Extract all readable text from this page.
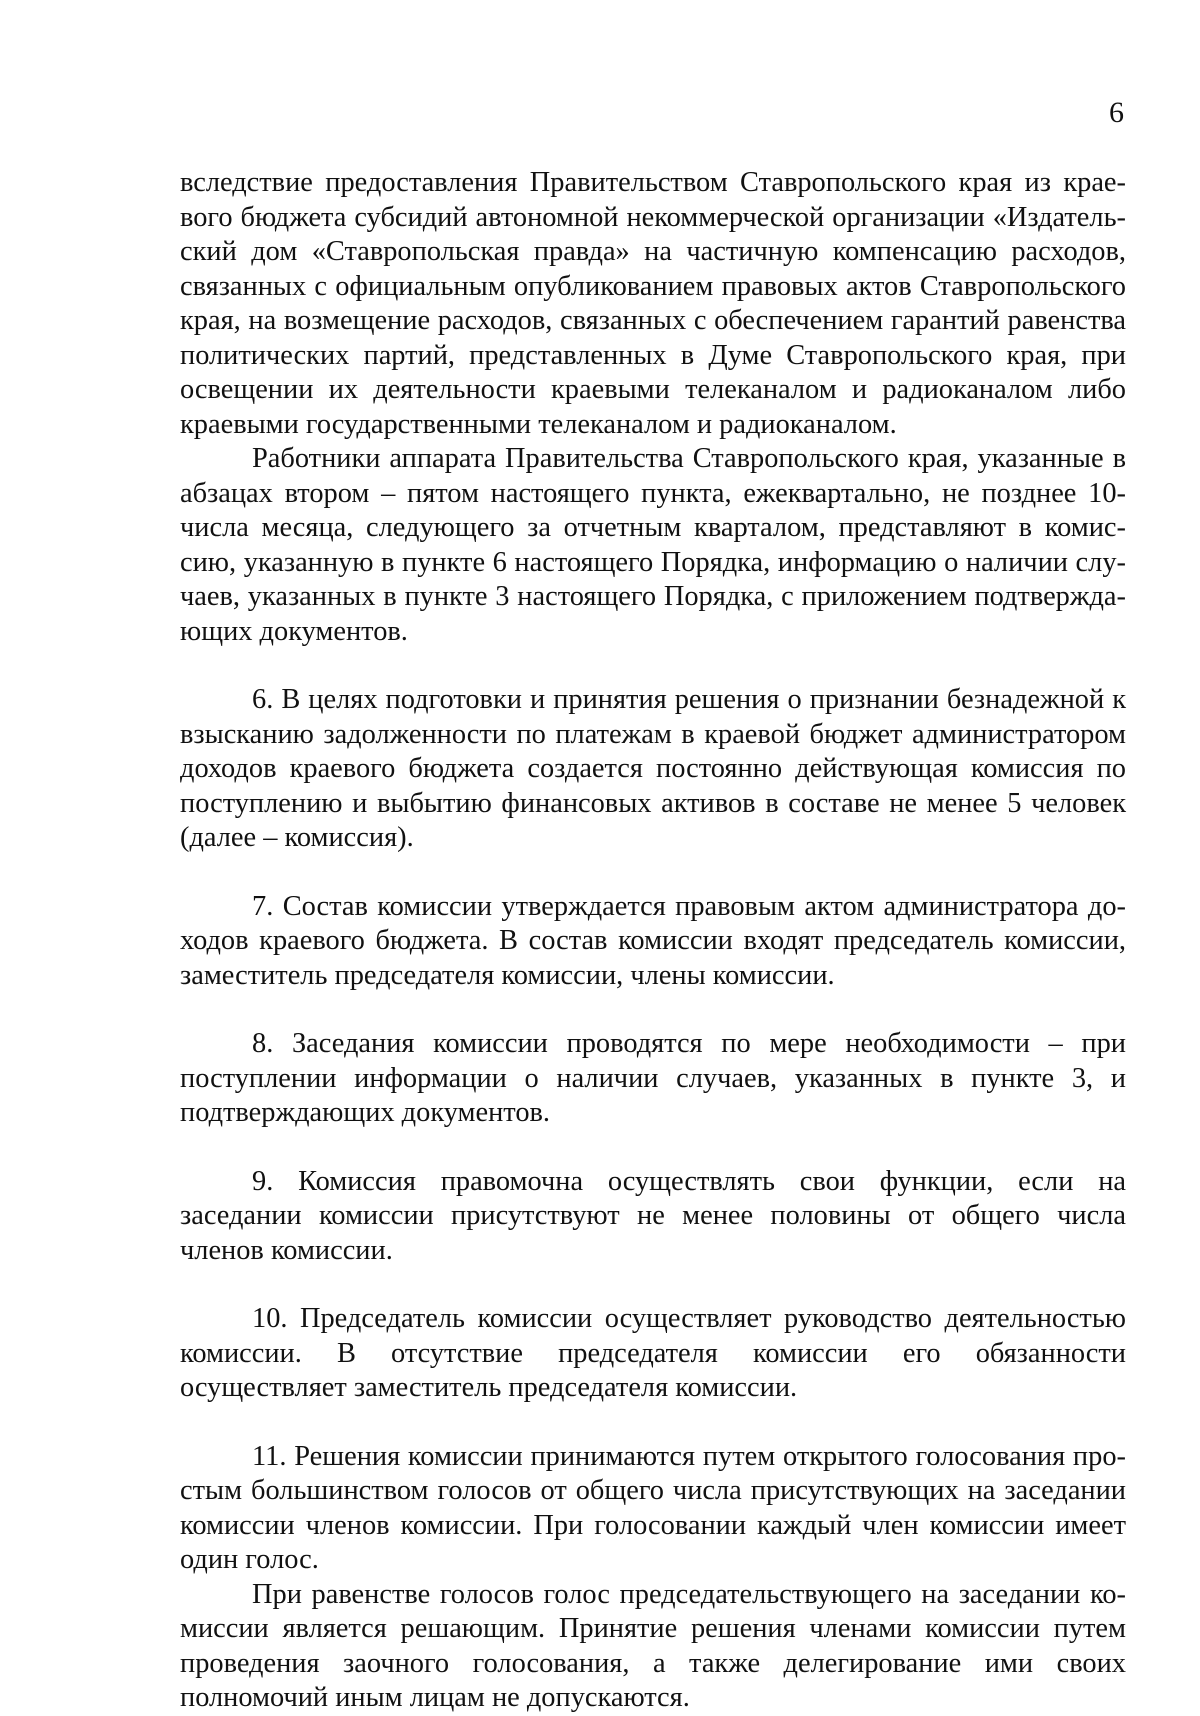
6

вследствие предоставления Правительством Ставропольского края из краевого бюджета субсидий автономной некоммерческой организации «Издательский дом «Ставропольская правда» на частичную компенсацию расходов, связанных с официальным опубликованием правовых актов Ставропольского края, на возмещение расходов, связанных с обеспечением гарантий равенства политических партий, представленных в Думе Ставропольского края, при освещении их деятельности краевыми телеканалом и радиоканалом либо краевыми государственными телеканалом и радиоканалом.

Работники аппарата Правительства Ставропольского края, указанные в абзацах втором – пятом настоящего пункта, ежеквартально, не позднее 10-числа месяца, следующего за отчетным кварталом, представляют в комиссию, указанную в пункте 6 настоящего Порядка, информацию о наличии случаев, указанных в пункте 3 настоящего Порядка, с приложением подтверждающих документов.

6. В целях подготовки и принятия решения о признании безнадежной к взысканию задолженности по платежам в краевой бюджет администратором доходов краевого бюджета создается постоянно действующая комиссия по поступлению и выбытию финансовых активов в составе не менее 5 человек (далее – комиссия).

7. Состав комиссии утверждается правовым актом администратора доходов краевого бюджета. В состав комиссии входят председатель комиссии, заместитель председателя комиссии, члены комиссии.

8. Заседания комиссии проводятся по мере необходимости – при поступлении информации о наличии случаев, указанных в пункте 3, и подтверждающих документов.

9. Комиссия правомочна осуществлять свои функции, если на заседании комиссии присутствуют не менее половины от общего числа членов комиссии.

10. Председатель комиссии осуществляет руководство деятельностью комиссии. В отсутствие председателя комиссии его обязанности осуществляет заместитель председателя комиссии.

11. Решения комиссии принимаются путем открытого голосования простым большинством голосов от общего числа присутствующих на заседании комиссии членов комиссии. При голосовании каждый член комиссии имеет один голос.

При равенстве голосов голос председательствующего на заседании комиссии является решающим. Принятие решения членами комиссии путем проведения заочного голосования, а также делегирование ими своих полномочий иным лицам не допускаются.
